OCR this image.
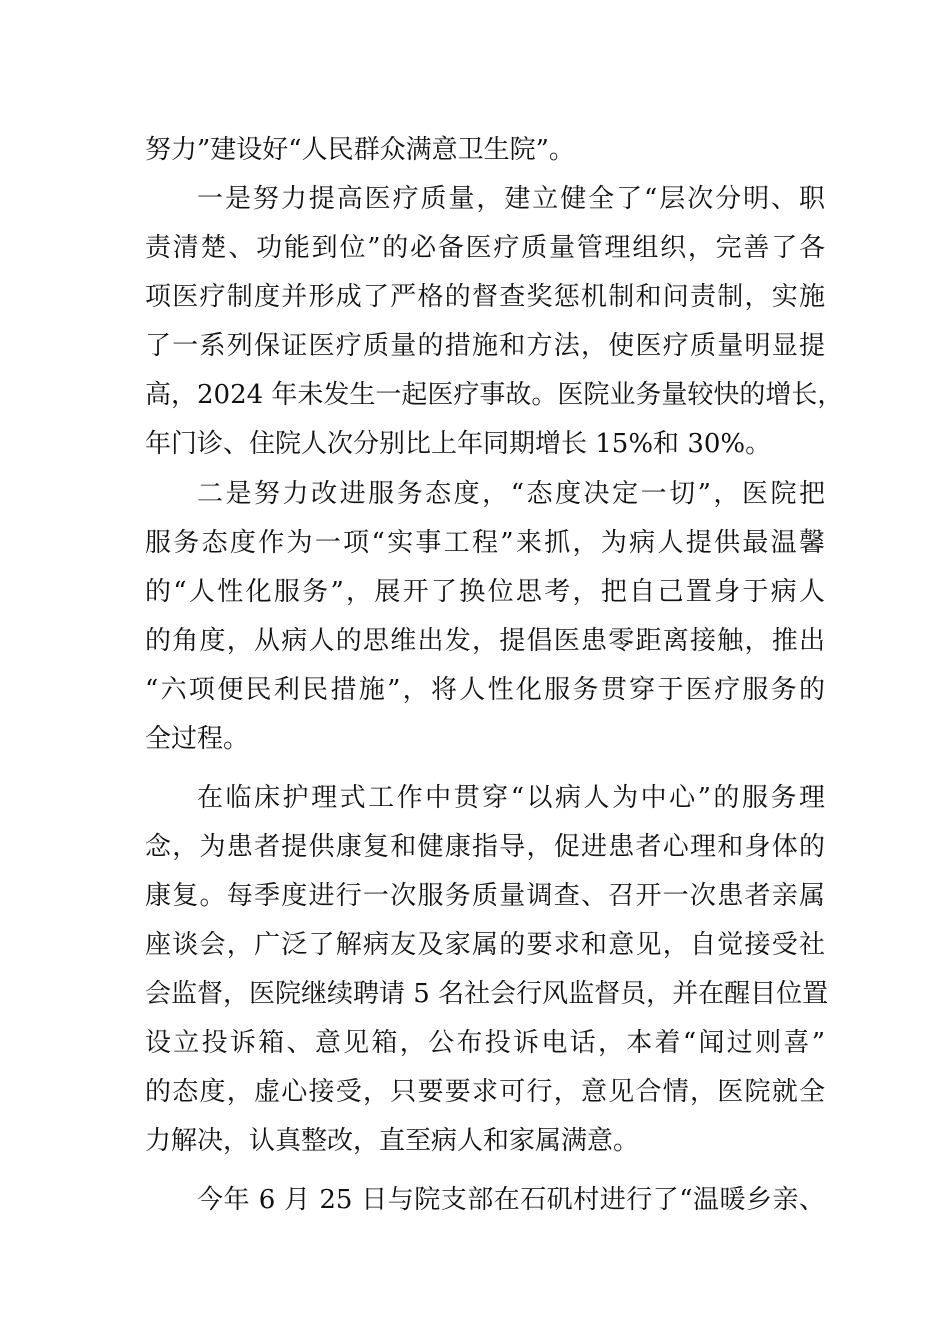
努力”建设好“人民群众满意卫生院”。
一是努力提高医疗质量，建立健全了“层次分明、职
责清楚、功能到位”的必备医疗质量管理组织，完善了各
项医疗制度并形成了严格的督查奖惩机制和问责制，实施
了一系列保证医疗质量的措施和方法，使医疗质量明显提
高，2024 年未发生一起医疗事故。医院业务量较快的增长，
年门诊、住院人次分别比上年同期增长 15%和 30%。
二是努力改进服务态度，“态度决定一切”，医院把
服务态度作为一项“实事工程”来抓，为病人提供最温馨
的“人性化服务”，展开了换位思考，把自己置身于病人
的角度，从病人的思维出发，提倡医患零距离接触，推出
“六项便民利民措施”，将人性化服务贯穿于医疗服务的
全过程。
在临床护理式工作中贯穿“以病人为中心”的服务理
念，为患者提供康复和健康指导，促进患者心理和身体的
康复。每季度进行一次服务质量调查、召开一次患者亲属
座谈会，广泛了解病友及家属的要求和意见，自觉接受社
会监督，医院继续聘请 5 名社会行风监督员，并在醒目位置
设立投诉箱、意见箱，公布投诉电话，本着“闻过则喜”
的态度，虚心接受，只要要求可行，意见合情，医院就全
力解决，认真整改，直至病人和家属满意。
今年 6 月 25 日与院支部在石矶村进行了“温暖乡亲、
